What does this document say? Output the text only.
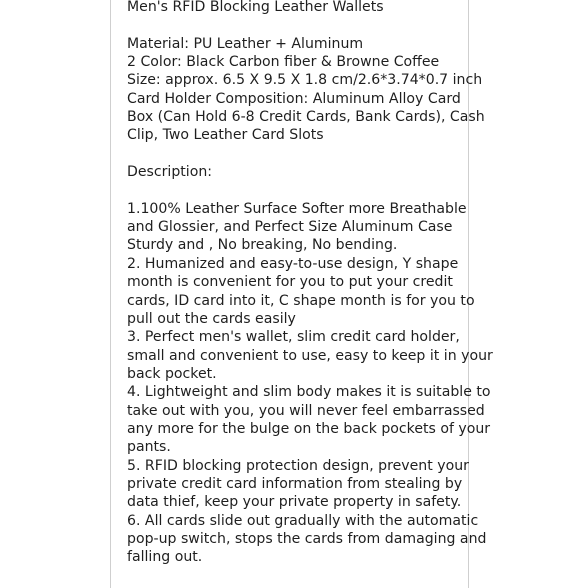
Men's RFID Blocking Leather Wallets
Material: PU Leather + Aluminum
2 Color: Black Carbon fiber & Browne Coffee
Size: approx. 6.5 X 9.5 X 1.8 cm/2.6*3.74*0.7 inch
Card Holder Composition: Aluminum Alloy Card
Box (Can Hold 6-8 Credit Cards, Bank Cards), Cash
Clip, Two Leather Card Slots
Description:
1.100% Leather Surface Softer more Breathable
and Glossier, and Perfect Size Aluminum Case
Sturdy and , No breaking, No bending.
2. Humanized and easy-to-use design, Y shape
month is convenient for you to put your credit
cards, ID card into it, C shape month is for you to
pull out the cards easily
3. Perfect men's wallet, slim credit card holder,
small and convenient to use, easy to keep it in your
back pocket.
4. Lightweight and slim body makes it is suitable to
take out with you, you will never feel embarrassed
any more for the bulge on the back pockets of your
pants.
5. RFID blocking protection design, prevent your
private credit card information from stealing by
data thief, keep your private property in safety.
6. All cards slide out gradually with the automatic
pop-up switch, stops the cards from damaging and
falling out.
